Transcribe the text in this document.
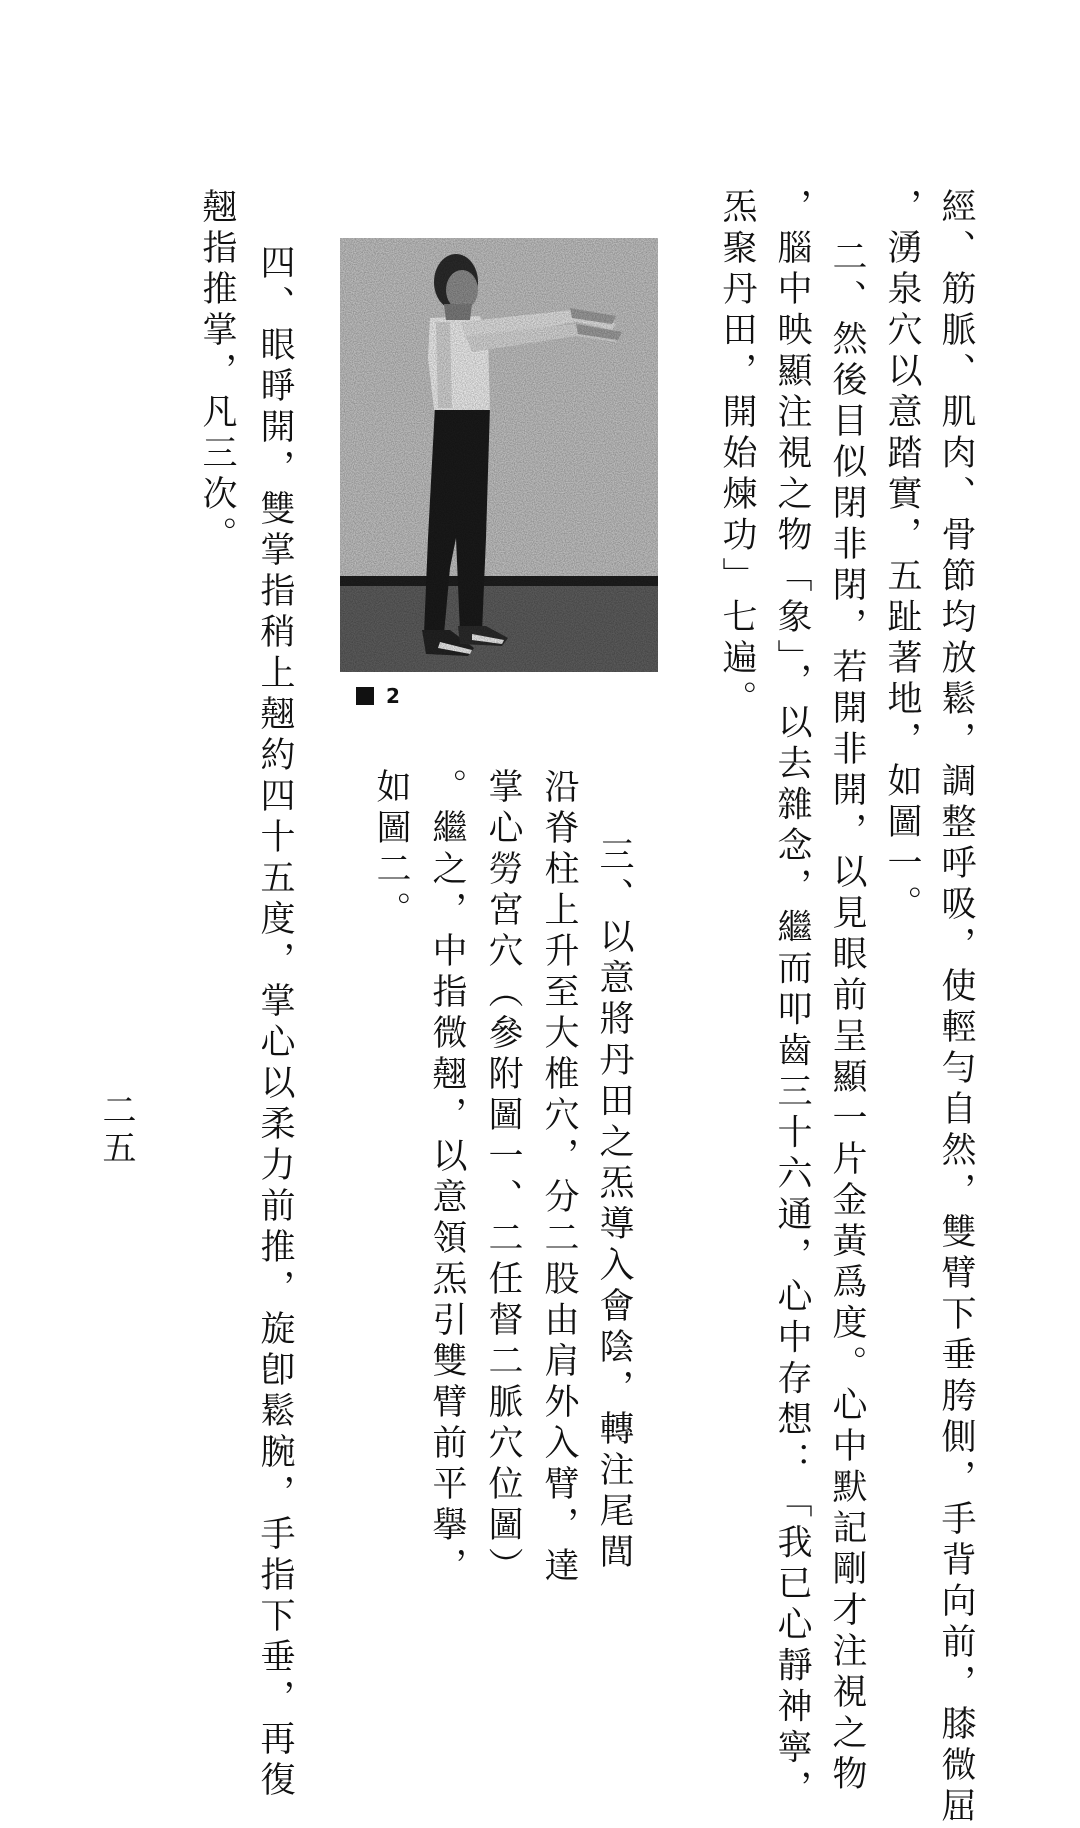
經、筋脈、肌肉、骨節均放鬆，調整呼吸，使輕勻自然，雙臂下垂胯側，手背向前，膝微屈
，湧泉穴以意踏實，五趾著地，如圖一。
二、然後目似閉非閉，若開非開，以見眼前呈顯一片金黃爲度。心中默記剛才注視之物
，腦中映顯注視之物「象」，以去雜念，繼而叩齒三十六通，心中存想：「我已心靜神寧，
炁聚丹田，開始煉功」七遍。
三、以意將丹田之炁導入會陰，轉注尾閭
沿脊柱上升至大椎穴，分二股由肩外入臂，達
掌心勞宮穴（參附圖一、二任督二脈穴位圖）
。繼之，中指微翹，以意領炁引雙臂前平擧，
如圖二。
四、眼睜開，雙掌指稍上翹約四十五度，掌心以柔力前推，旋卽鬆腕，手指下垂，再復
翹指推掌，凡三次。
2
二五
